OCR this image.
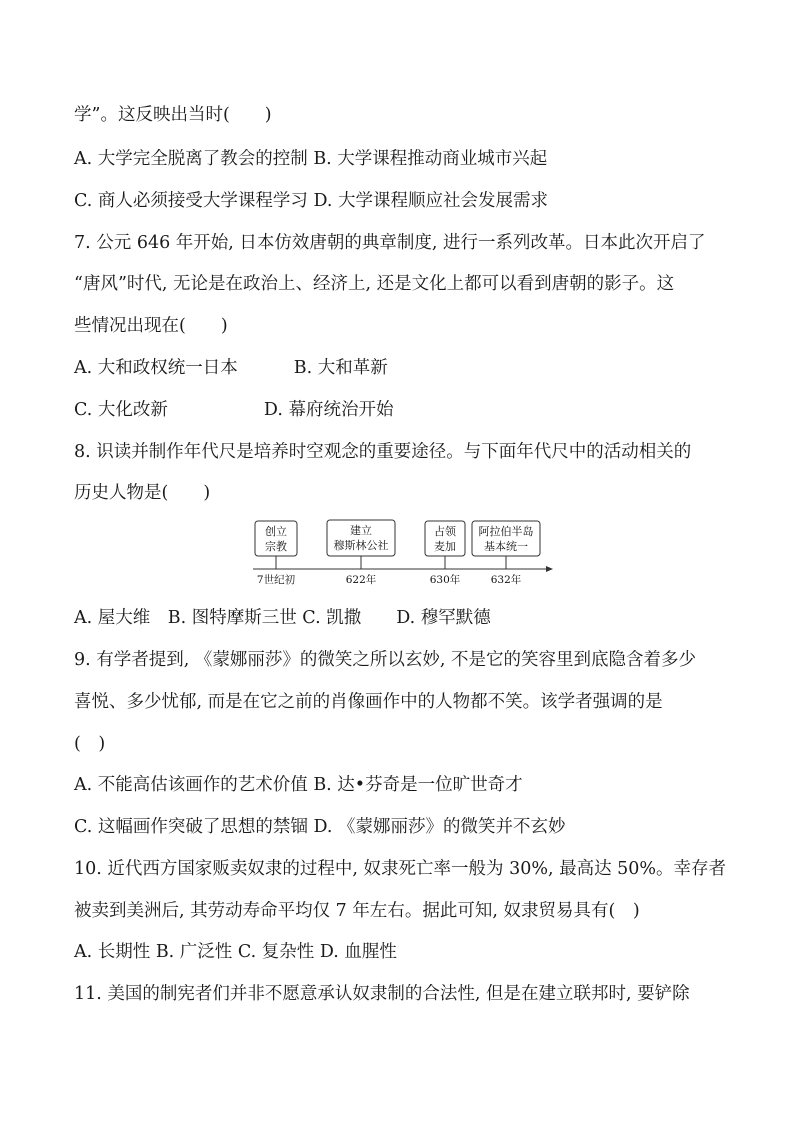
学”。这反映出当时(　　)
A. 大学完全脱离了教会的控制 B. 大学课程推动商业城市兴起
C. 商人必须接受大学课程学习 D. 大学课程顺应社会发展需求
7. 公元 646 年开始, 日本仿效唐朝的典章制度, 进行一系列改革。日本此次开启了
“唐风”时代, 无论是在政治上、经济上, 还是文化上都可以看到唐朝的影子。这
些情况出现在(　　)
A. 大和政权统一日本	B. 大和革新
C. 大化改新	D. 幕府统治开始
8. 识读并制作年代尺是培养时空观念的重要途径。与下面年代尺中的活动相关的
历史人物是(　　)
创立
宗教
建立
穆斯林公社
占领
麦加
阿拉伯半岛
基本统一
7世纪初	622年	630年	632年
A. 屋大维　B. 图特摩斯三世 C. 凯撒　　D. 穆罕默德
9. 有学者提到, 《蒙娜丽莎》的微笑之所以玄妙, 不是它的笑容里到底隐含着多少
喜悦、多少忧郁, 而是在它之前的肖像画作中的人物都不笑。该学者强调的是
(　)
A. 不能高估该画作的艺术价值 B. 达•芬奇是一位旷世奇才
C. 这幅画作突破了思想的禁锢 D. 《蒙娜丽莎》的微笑并不玄妙
10. 近代西方国家贩卖奴隶的过程中, 奴隶死亡率一般为 30%, 最高达 50%。幸存者
被卖到美洲后, 其劳动寿命平均仅 7 年左右。据此可知, 奴隶贸易具有(　)
A. 长期性 B. 广泛性 C. 复杂性 D. 血腥性
11. 美国的制宪者们并非不愿意承认奴隶制的合法性, 但是在建立联邦时, 要铲除
